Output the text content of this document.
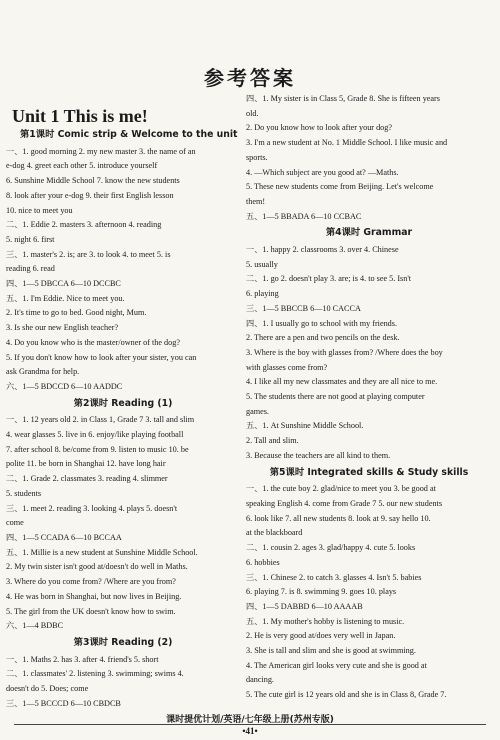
参考答案
Unit 1 This is me!
第1课时 Comic strip & Welcome to the unit
一、1. good morning 2. my new master 3. the name of an
e-dog 4. greet each other 5. introduce yourself
6. Sunshine Middle School 7. know the new students
8. look after your e-dog 9. their first English lesson
10. nice to meet you
二、1. Eddie 2. masters 3. afternoon 4. reading
5. night 6. first
三、1. master's 2. is; are 3. to look 4. to meet 5. is
reading 6. read
四、1—5 DBCCA 6—10 DCCBC
五、1. I'm Eddie. Nice to meet you.
2. It's time to go to bed. Good night, Mum.
3. Is she our new English teacher?
4. Do you know who is the master/owner of the dog?
5. If you don't know how to look after your sister, you can
ask Grandma for help.
六、1—5 BDCCD 6—10 AADDC
第2课时 Reading (1)
一、1. 12 years old 2. in Class 1, Grade 7 3. tall and slim
4. wear glasses 5. live in 6. enjoy/like playing football
7. after school 8. be/come from 9. listen to music 10. be
polite 11. be born in Shanghai 12. have long hair
二、1. Grade 2. classmates 3. reading 4. slimmer
5. students
三、1. meet 2. reading 3. looking 4. plays 5. doesn't
come
四、1—5 CCADA 6—10 BCCAA
五、1. Millie is a new student at Sunshine Middle School.
2. My twin sister isn't good at/doesn't do well in Maths.
3. Where do you come from? /Where are you from?
4. He was born in Shanghai, but now lives in Beijing.
5. The girl from the UK doesn't know how to swim.
六、1—4 BDBC
第3课时 Reading (2)
一、1. Maths 2. has 3. after 4. friend's 5. short
二、1. classmates' 2. listening 3. swimming; swims 4.
doesn't do 5. Does; come
三、1—5 BCCCD 6—10 CBDCB
四、1. My sister is in Class 5, Grade 8. She is fifteen years
old.
2. Do you know how to look after your dog?
3. I'm a new student at No. 1 Middle School. I like music and
sports.
4. —Which subject are you good at? —Maths.
5. These new students come from Beijing. Let's welcome
them!
五、1—5 BBADA 6—10 CCBAC
第4课时 Grammar
一、1. happy 2. classrooms 3. over 4. Chinese
5. usually
二、1. go 2. doesn't play 3. are; is 4. to see 5. Isn't
6. playing
三、1—5 BBCCB 6—10 CACCA
四、1. I usually go to school with my friends.
2. There are a pen and two pencils on the desk.
3. Where is the boy with glasses from? /Where does the boy
with glasses come from?
4. I like all my new classmates and they are all nice to me.
5. The students there are not good at playing computer
games.
五、1. At Sunshine Middle School.
2. Tall and slim.
3. Because the teachers are all kind to them.
第5课时 Integrated skills & Study skills
一、1. the cute boy 2. glad/nice to meet you 3. be good at
speaking English 4. come from Grade 7 5. our new students
6. look like 7. all new students 8. look at 9. say hello 10.
at the blackboard
二、1. cousin 2. ages 3. glad/happy 4. cute 5. looks
6. hobbies
三、1. Chinese 2. to catch 3. glasses 4. Isn't 5. babies
6. playing 7. is 8. swimming 9. goes 10. plays
四、1—5 DABBD 6—10 AAAAB
五、1. My mother's hobby is listening to music.
2. He is very good at/does very well in Japan.
3. She is tall and slim and she is good at swimming.
4. The American girl looks very cute and she is good at
dancing.
5. The cute girl is 12 years old and she is in Class 8, Grade 7.
课时提优计划/英语/七年级上册(苏州专版)
•41•
